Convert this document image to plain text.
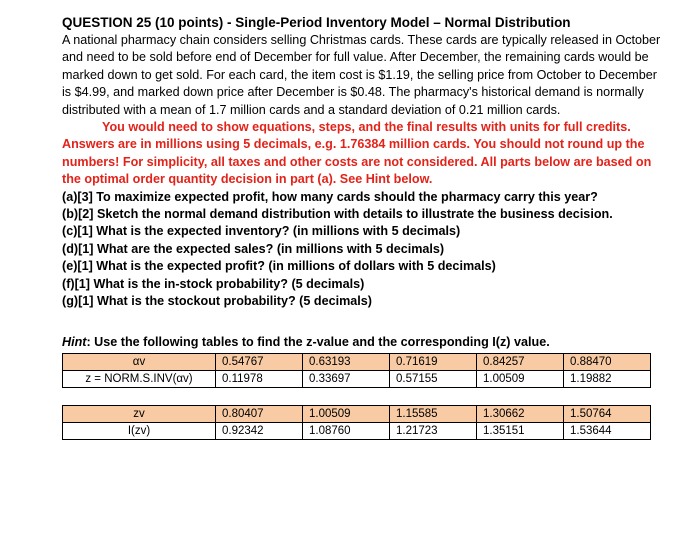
QUESTION 25 (10 points) - Single-Period Inventory Model – Normal Distribution

A national pharmacy chain considers selling Christmas cards. These cards are typically released in October and need to be sold before end of December for full value. After December, the remaining cards would be marked down to get sold. For each card, the item cost is $1.19, the selling price from October to December is $4.99, and marked down price after December is $0.48. The pharmacy's historical demand is normally distributed with a mean of 1.7 million cards and a standard deviation of 0.21 million cards.

You would need to show equations, steps, and the final results with units for full credits. Answers are in millions using 5 decimals, e.g. 1.76384 million cards. You should not round up the numbers! For simplicity, all taxes and other costs are not considered. All parts below are based on the optimal order quantity decision in part (a). See Hint below.

(a)[3] To maximize expected profit, how many cards should the pharmacy carry this year?
(b)[2] Sketch the normal demand distribution with details to illustrate the business decision.
(c)[1] What is the expected inventory? (in millions with 5 decimals)
(d)[1] What are the expected sales? (in millions with 5 decimals)
(e)[1] What is the expected profit? (in millions of dollars with 5 decimals)
(f)[1] What is the in-stock probability? (5 decimals)
(g)[1] What is the stockout probability? (5 decimals)
Hint: Use the following tables to find the z-value and the corresponding I(z) value.
αv	0.54767	0.63193	0.71619	0.84257	0.88470
z = NORM.S.INV(αv)	0.11978	0.33697	0.57155	1.00509	1.19882
zv	0.80407	1.00509	1.15585	1.30662	1.50764
I(zv)	0.92342	1.08760	1.21723	1.35151	1.53644
